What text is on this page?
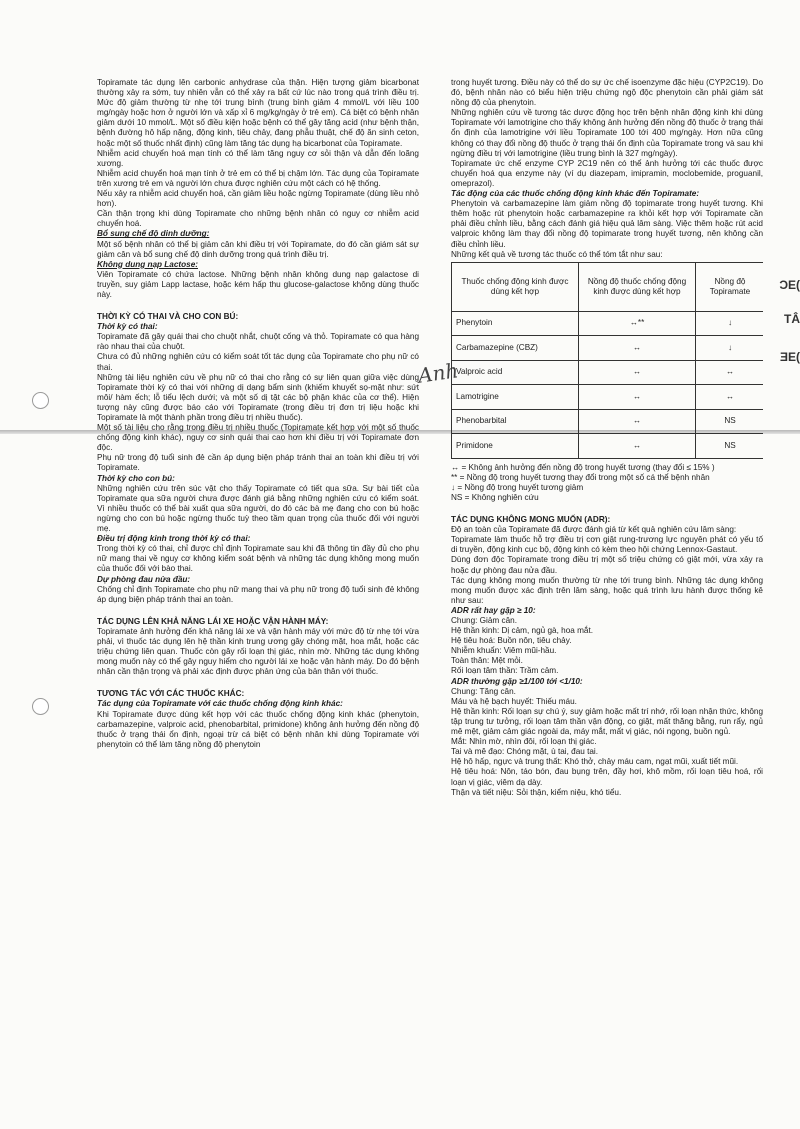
Anh
ƆE(
TÂ
ƎE(

Topiramate tác dụng lên carbonic anhydrase của thận. Hiện tượng giảm bicarbonat thường xảy ra sớm, tuy nhiên vẫn có thể xảy ra bất cứ lúc nào trong quá trình điều trị. Mức độ giảm thường từ nhẹ tới trung bình (trung bình giảm 4 mmol/L với liều 100 mg/ngày hoặc hơn ở người lớn và xấp xỉ 6 mg/kg/ngày ở trẻ em). Cá biệt có bệnh nhân giảm dưới 10 mmol/L. Một số điều kiện hoặc bệnh có thể gây tăng acid (như bệnh thận, bệnh đường hô hấp nặng, động kinh, tiêu chảy, đang phẫu thuật, chế độ ăn sinh ceton, hoặc một số thuốc nhất định) cũng làm tăng tác dụng hạ bicarbonat của Topiramate.

Nhiễm acid chuyển hoá mạn tính có thể làm tăng nguy cơ sỏi thận và dẫn đến loãng xương.

Nhiễm acid chuyển hoá mạn tính ở trẻ em có thể bị chậm lớn. Tác dụng của Topiramate trên xương trẻ em và người lớn chưa được nghiên cứu một cách có hệ thống.

Nếu xảy ra nhiễm acid chuyển hoá, cần giảm liều hoặc ngừng Topiramate (dùng liều nhỏ hơn).

Cần thận trọng khi dùng Topiramate cho những bệnh nhân có nguy cơ nhiễm acid chuyển hoá.

Bổ sung chế độ dinh dưỡng:

Một số bệnh nhân có thể bị giảm cân khi điều trị với Topiramate, do đó cần giám sát sự giảm cân và bổ sung chế độ dinh dưỡng trong quá trình điều trị.

Không dung nạp Lactose:

Viên Topiramate có chứa lactose. Những bệnh nhân không dung nạp galactose di truyền, suy giảm Lapp lactase, hoặc kém hấp thu glucose-galactose không dùng thuốc này.

THỜI KỲ CÓ THAI VÀ CHO CON BÚ:

Thời kỳ có thai:

Topiramate đã gây quái thai cho chuột nhắt, chuột cống và thỏ. Topiramate có qua hàng rào nhau thai của chuột.

Chưa có đủ những nghiên cứu có kiểm soát tốt tác dụng của Topiramate cho phụ nữ có thai.

Những tài liệu nghiên cứu về phụ nữ có thai cho rằng có sự liên quan giữa việc dùng Topiramate thời kỳ có thai với những dị dạng bẩm sinh (khiếm khuyết sọ-mặt như: sứt môi/ hàm ếch; lỗ tiểu lệch dưới; và một số dị tật các bộ phận khác của cơ thể). Hiện tượng này cũng được báo cáo với Topiramate (trong điều trị đơn trị liệu hoặc khi Topiramate là một thành phần trong điều trị nhiều thuốc).

Một số tài liệu cho rằng trong điều trị nhiều thuốc (Topiramate kết hợp với một số thuốc chống động kinh khác), nguy cơ sinh quái thai cao hơn khi điều trị với Topiramate đơn độc.

Phụ nữ trong độ tuổi sinh đẻ cần áp dụng biện pháp tránh thai an toàn khi điều trị với Topiramate.

Thời kỳ cho con bú:

Những nghiên cứu trên súc vật cho thấy Topiramate có tiết qua sữa. Sự bài tiết của Topiramate qua sữa người chưa được đánh giá bằng những nghiên cứu có kiểm soát. Vì nhiều thuốc có thể bài xuất qua sữa người, do đó các bà mẹ đang cho con bú hoặc ngừng cho con bú hoặc ngừng thuốc tuỳ theo tầm quan trọng của thuốc đối với người mẹ.

Điều trị động kinh trong thời kỳ có thai:

Trong thời kỳ có thai, chỉ được chỉ định Topiramate sau khi đã thông tin đầy đủ cho phụ nữ mang thai về nguy cơ không kiểm soát bệnh và những tác dụng không mong muốn của thuốc đối với bào thai.

Dự phòng đau nửa đầu:

Chống chỉ định Topiramate cho phụ nữ mang thai và phụ nữ trong độ tuổi sinh đẻ không áp dụng biện pháp tránh thai an toàn.

TÁC DỤNG LÊN KHẢ NĂNG LÁI XE HOẶC VẬN HÀNH MÁY:

Topiramate ảnh hưởng đến khả năng lái xe và vận hành máy với mức độ từ nhẹ tới vừa phải, vì thuốc tác dụng lên hệ thần kinh trung ương gây chóng mặt, hoa mắt, hoặc các triệu chứng liên quan. Thuốc còn gây rối loạn thị giác, nhìn mờ. Những tác dụng không mong muốn này có thể gây nguy hiểm cho người lái xe hoặc vận hành máy. Do đó bệnh nhân cần thận trọng và phải xác định được phản ứng của bản thân với thuốc.

TƯƠNG TÁC VỚI CÁC THUỐC KHÁC:

Tác dụng của Topiramate với các thuốc chống động kinh khác:

Khi Topiramate được dùng kết hợp với các thuốc chống động kinh khác (phenytoin, carbamazepine, valproic acid, phenobarbital, primidone) không ảnh hưởng đến nồng độ thuốc ở trạng thái ổn định, ngoại trừ cá biệt có bệnh nhân khi dùng Topiramate với phenytoin có thể làm tăng nồng độ phenytoin

trong huyết tương. Điều này có thể do sự ức chế isoenzyme đặc hiệu (CYP2C19). Do đó, bệnh nhân nào có biểu hiện triệu chứng ngộ độc phenytoin cần phải giám sát nồng độ của phenytoin.

Những nghiên cứu về tương tác dược động học trên bệnh nhân động kinh khi dùng Topiramate với lamotrigine cho thấy không ảnh hưởng đến nồng độ thuốc ở trạng thái ổn định của lamotrigine với liều Topiramate 100 tới 400 mg/ngày. Hơn nữa cũng không có thay đổi nồng độ thuốc ở trạng thái ổn định của Topiramate trong và sau khi ngừng điều trị với lamotrigine (liều trung bình là 327 mg/ngày).

Topiramate ức chế enzyme CYP 2C19 nên có thể ảnh hưởng tới các thuốc được chuyển hoá qua enzyme này (ví dụ diazepam, imipramin, moclobemide, proguanil, omeprazol).

Tác động của các thuốc chống động kinh khác đến Topiramate:

Phenytoin và carbamazepine làm giảm nồng độ topimarate trong huyết tương. Khi thêm hoặc rút phenytoin hoặc carbamazepine ra khỏi kết hợp với Topiramate cần phải điều chỉnh liều, bằng cách đánh giá hiệu quả lâm sàng. Việc thêm hoặc rút acid valproic không làm thay đổi nồng độ topimarate trong huyết tương, nên không cần điều chỉnh liều.

Những kết quả về tương tác thuốc có thể tóm tắt như sau:

Thuốc chống động kinh được dùng kết hợp	Nồng độ thuốc chống động kinh được dùng kết hợp	Nồng độ Topiramate
Phenytoin	↔**	↓
Carbamazepine (CBZ)	↔	↓
Valproic acid	↔	↔
Lamotrigine	↔	↔
Phenobarbital	↔	NS
Primidone	↔	NS

↔ = Không ảnh hưởng đến nồng độ trong huyết tương (thay đổi ≤ 15% )

** = Nồng độ trong huyết tương thay đổi trong một số cá thể bệnh nhân

↓ = Nồng độ trong huyết tương giảm

NS = Không nghiên cứu

TÁC DỤNG KHÔNG MONG MUỐN (ADR):

Độ an toàn của Topiramate đã được đánh giá từ kết quả nghiên cứu lâm sàng:

Topiramate làm thuốc hỗ trợ điều trị cơn giật rung-trương lực nguyên phát có yếu tố di truyền, động kinh cục bộ, động kinh có kèm theo hội chứng Lennox-Gastaut.

Dùng đơn độc Topiramate trong điều trị một số triệu chứng có giật mới, vừa xảy ra hoặc dự phòng đau nửa đầu.

Tác dụng không mong muốn thường từ nhẹ tới trung bình. Những tác dụng không mong muốn được xác định trên lâm sàng, hoặc quá trình lưu hành được thống kê như sau:

ADR rất hay gặp ≥ 10:

Chung: Giảm cân.

Hệ thần kinh: Dị cảm, ngủ gà, hoa mắt.

Hệ tiêu hoá: Buồn nôn, tiêu chảy.

Nhiễm khuẩn: Viêm mũi-hầu.

Toàn thân: Mệt mỏi.

Rối loạn tâm thần: Trầm cảm.

ADR thường gặp ≥1/100 tới <1/10:

Chung: Tăng cân.

Máu và hệ bạch huyết: Thiếu máu.

Hệ thần kinh: Rối loạn sự chú ý, suy giảm hoặc mất trí nhớ, rối loạn nhận thức, không tập trung tư tưởng, rối loạn tâm thần vận động, co giật, mất thăng bằng, run rẩy, ngủ mê mệt, giảm cảm giác ngoài da, máy mắt, mất vị giác, nói ngọng, buồn ngủ.

Mắt: Nhìn mờ, nhìn đôi, rối loạn thị giác.

Tai và mê đạo: Chóng mặt, ù tai, đau tai.

Hệ hô hấp, ngực và trung thất: Khó thở, chảy máu cam, ngạt mũi, xuất tiết mũi.

Hệ tiêu hoá: Nôn, táo bón, đau bụng trên, đầy hơi, khô mồm, rối loạn tiêu hoá, rối loạn vị giác, viêm dạ dày.

Thận và tiết niệu: Sỏi thận, kiểm niệu, khó tiểu.
